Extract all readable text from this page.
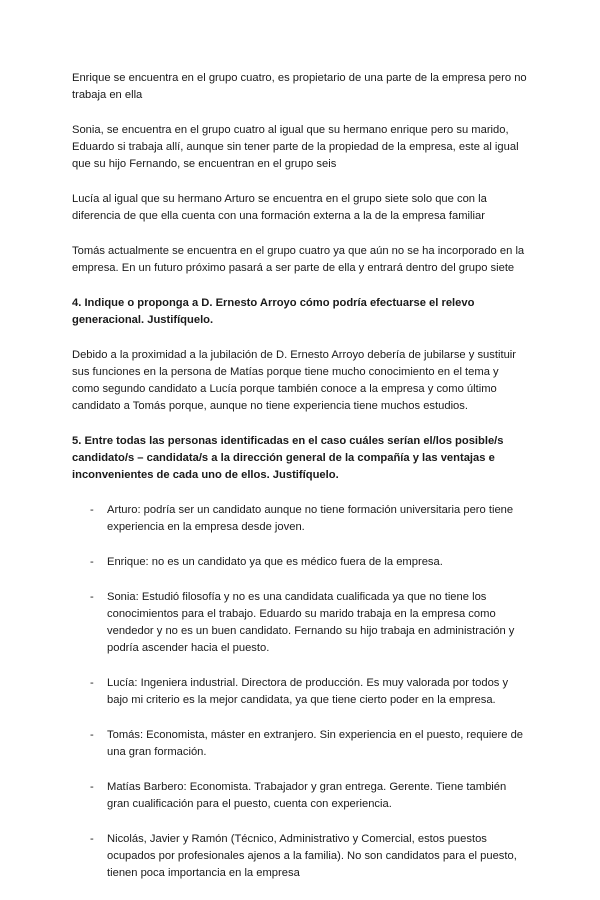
Enrique se encuentra en el grupo cuatro, es propietario de una parte de la empresa pero no trabaja en ella

Sonia, se encuentra en el grupo cuatro al igual que su hermano enrique pero su marido, Eduardo si trabaja allí, aunque sin tener parte de la propiedad de la empresa, este al igual que su hijo Fernando, se encuentran en el grupo seis

Lucía al igual que su hermano Arturo se encuentra en el grupo siete solo que con la diferencia de que ella cuenta con una formación externa a la de la empresa familiar

Tomás actualmente se encuentra en el grupo cuatro ya que aún no se ha incorporado en la empresa. En un futuro próximo pasará a ser parte de ella y entrará dentro del grupo siete

4. Indique o proponga a D. Ernesto Arroyo cómo podría efectuarse el relevo generacional. Justifíquelo.

Debido a la proximidad a la jubilación de D. Ernesto Arroyo debería de jubilarse y sustituir sus funciones en la persona de Matías porque tiene mucho conocimiento en el tema y como segundo candidato a Lucía porque también conoce a la empresa y como último candidato a Tomás porque, aunque no tiene experiencia tiene muchos estudios.

5. Entre todas las personas identificadas en el caso cuáles serían el/los posible/s candidato/s – candidata/s a la dirección general de la compañía y las ventajas e inconvenientes de cada uno de ellos. Justifíquelo.

- Arturo: podría ser un candidato aunque no tiene formación universitaria pero tiene experiencia en la empresa desde joven.
- Enrique: no es un candidato ya que es médico fuera de la empresa.
- Sonia: Estudió filosofía y no es una candidata cualificada ya que no tiene los conocimientos para el trabajo. Eduardo su marido trabaja en la empresa como vendedor y no es un buen candidato. Fernando su hijo trabaja en administración y podría ascender hacia el puesto.
- Lucía: Ingeniera industrial. Directora de producción. Es muy valorada por todos y bajo mi criterio es la mejor candidata, ya que tiene cierto poder en la empresa.
- Tomás: Economista, máster en extranjero. Sin experiencia en el puesto, requiere de una gran formación.
- Matías Barbero: Economista. Trabajador y gran entrega. Gerente. Tiene también gran cualificación para el puesto, cuenta con experiencia.
- Nicolás, Javier y Ramón (Técnico, Administrativo y Comercial, estos puestos ocupados por profesionales ajenos a la familia). No son candidatos para el puesto, tienen poca importancia en la empresa
